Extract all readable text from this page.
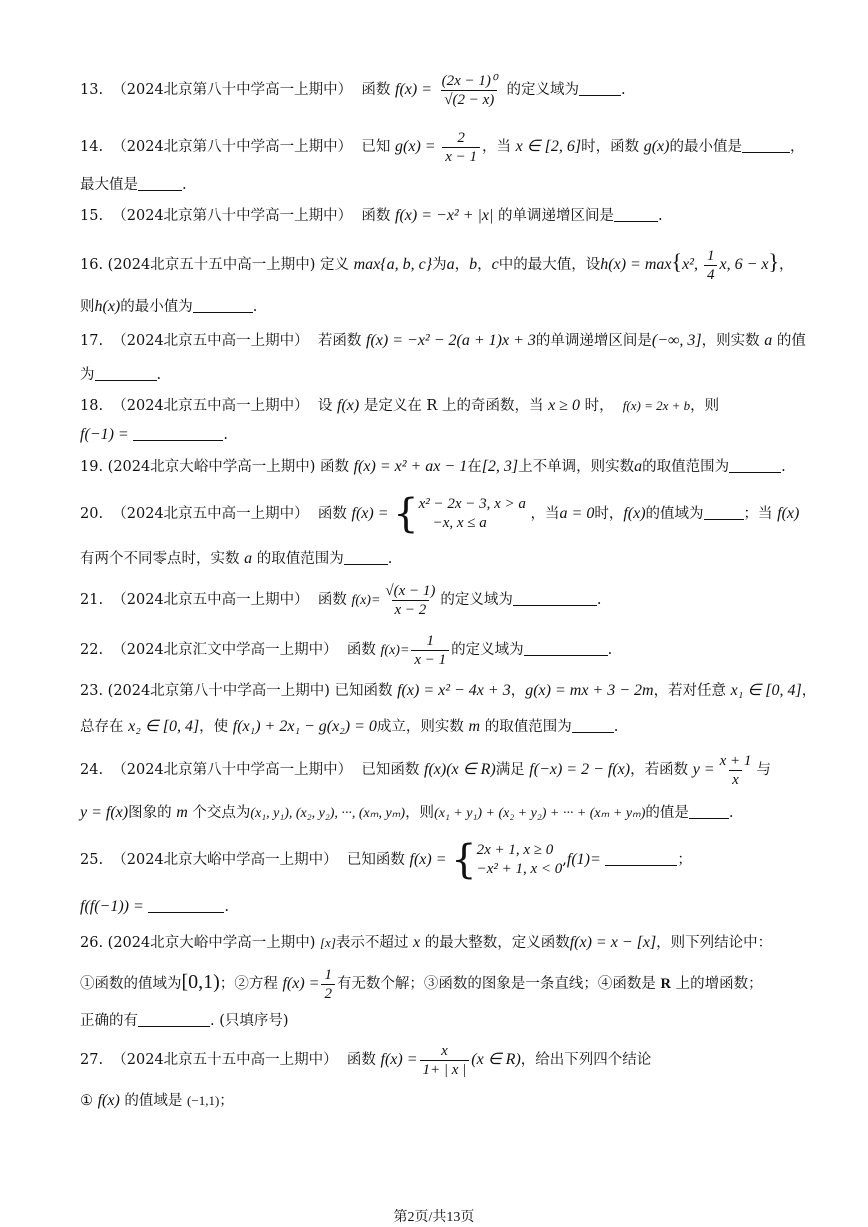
13. （2024北京第八十中学高一上期中） 函数 $f(x) = \frac{\text{(2x − 1)⁰}}{√(2 - x)}$ 的定义域为	.
14. （2024北京第八十中学高一上期中） 已知 $g(x) = \frac{2}{x - 1}$ ，当 x ∈ [2, 6]时，函数 g(x)的最小值是	，
最大值是	.
15. （2024北京第八十中学高一上期中） 函数 f(x) = −x² + |x| 的单调递增区间是	.
16. (2024北京五十五中高一上期中) 定义 max{a, b, c}为a，b，c中的最大值，设h(x) = max{x², $\frac{1}{4} x$, 6 − x}，
则h(x)的最小值为	.
17. （2024北京五中高一上期中） 若函数 f(x) = −x² − 2(a + 1)x + 3的单调递增区间是(−∞, 3]，则实数 a 的值
为	.
18. （2024北京五中高一上期中） 设 f(x) 是定义在 R 上的奇函数，当 x ≥ 0 时， f(x) = 2x + b，则
f(−1) =	.
19. (2024北京大峪中学高一上期中) 函数 f(x) = x² + ax − 1在[2, 3]上不单调，则实数a的取值范围为	.
20. （2024北京五中高一上期中） 函数 f(x) = { x² − 2x − 3, x > a
−x, x ≤ a
，当a = 0时，f(x)的值域为	；当 f(x)
有两个不同零点时，实数 a 的取值范围为	.
21. （2024北京五中高一上期中） 函数 $f(x)= \frac{√(x - 1)}{x - 2}$ 的定义域为	.
22. （2024北京汇文中学高一上期中） 函数 $f(x)= \frac{1}{x - 1}$ 的定义域为	.
23. (2024北京第八十中学高一上期中) 已知函数 f(x) = x² − 4x + 3，g(x) = mx + 3 − 2m，若对任意 x₁ ∈ [0, 4]，
总存在 x₂ ∈ [0, 4]，使 f(x₁) + 2x₁ − g(x₂) = 0成立，则实数 m 的取值范围为	.
24. （2024北京第八十中学高一上期中） 已知函数 f(x)(x ∈ R)满足 f(−x) = 2 − f(x)，若函数 $y = \frac{x + 1}{x}$ 与
y = f(x)图象的 m 个交点为(x₁, y₁), (x₂, y₂), ···, (xₘ, yₘ)，则(x₁ + y₁) + (x₂ + y₂) + ··· + (xₘ + yₘ)的值是	.
25. （2024北京大峪中学高一上期中） 已知函数 f(x) = { 2x + 1, x ≥ 0
−x² + 1, x < 0
,f(1)=	；
f(f(−1)) =	.
26. (2024北京大峪中学高一上期中) [x]表示不超过 x 的最大整数，定义函数f(x) = x − [x]，则下列结论中：
①函数的值域为[0,1)；②方程 $f(x) = \frac{1}{2}$ 有无数个解；③函数的图象是一条直线；④函数是 R 上的增函数；
正确的有	. (只填序号)
27. （2024北京五十五中高一上期中） 函数 $f(x) = \frac{x}{1+ | x |} (x$ ∈ R)，给出下列四个结论
① f(x) 的值域是 (−1,1)；
第2页/共13页
